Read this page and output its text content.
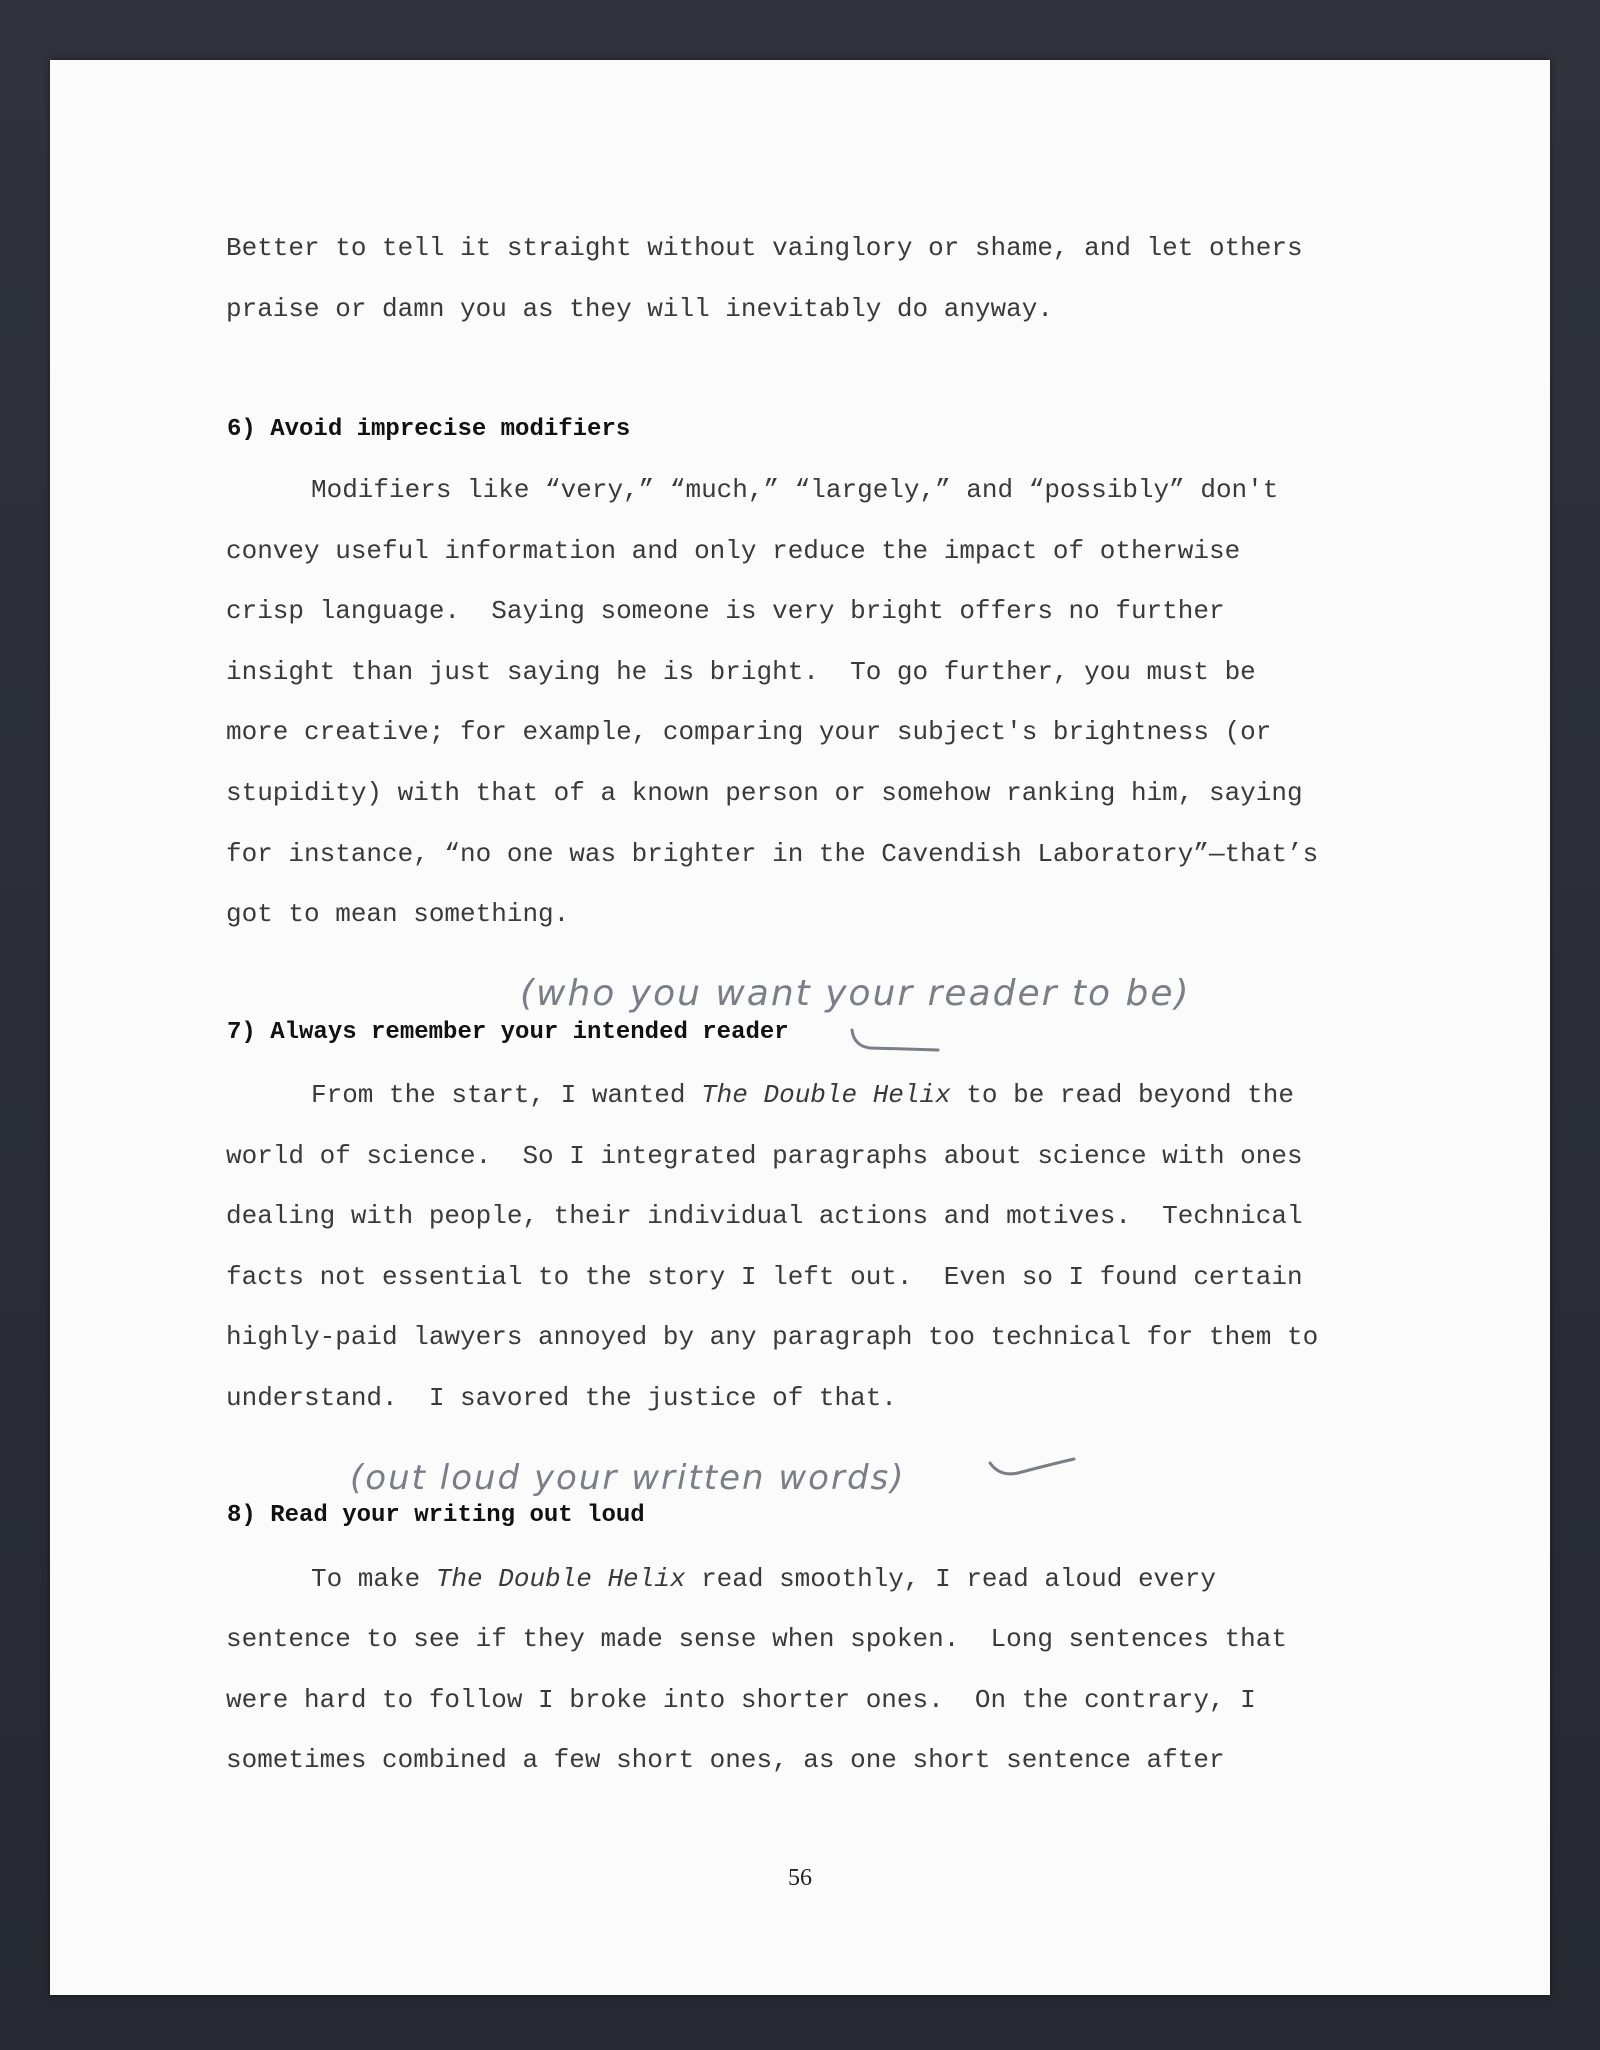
Better to tell it straight without vainglory or shame, and let others
praise or damn you as they will inevitably do anyway.
6) Avoid imprecise modifiers
Modifiers like “very,” “much,” “largely,” and “possibly” don't
convey useful information and only reduce the impact of otherwise
crisp language.  Saying someone is very bright offers no further
insight than just saying he is bright.  To go further, you must be
more creative; for example, comparing your subject's brightness (or
stupidity) with that of a known person or somehow ranking him, saying
for instance, “no one was brighter in the Cavendish Laboratory”—that’s
got to mean something.
(who you want your reader to be)
7) Always remember your intended reader
From the start, I wanted The Double Helix to be read beyond the
world of science.  So I integrated paragraphs about science with ones
dealing with people, their individual actions and motives.  Technical
facts not essential to the story I left out.  Even so I found certain
highly-paid lawyers annoyed by any paragraph too technical for them to
understand.  I savored the justice of that.
(out loud your written words)
8) Read your writing out loud
To make The Double Helix read smoothly, I read aloud every
sentence to see if they made sense when spoken.  Long sentences that
were hard to follow I broke into shorter ones.  On the contrary, I
sometimes combined a few short ones, as one short sentence after
56
